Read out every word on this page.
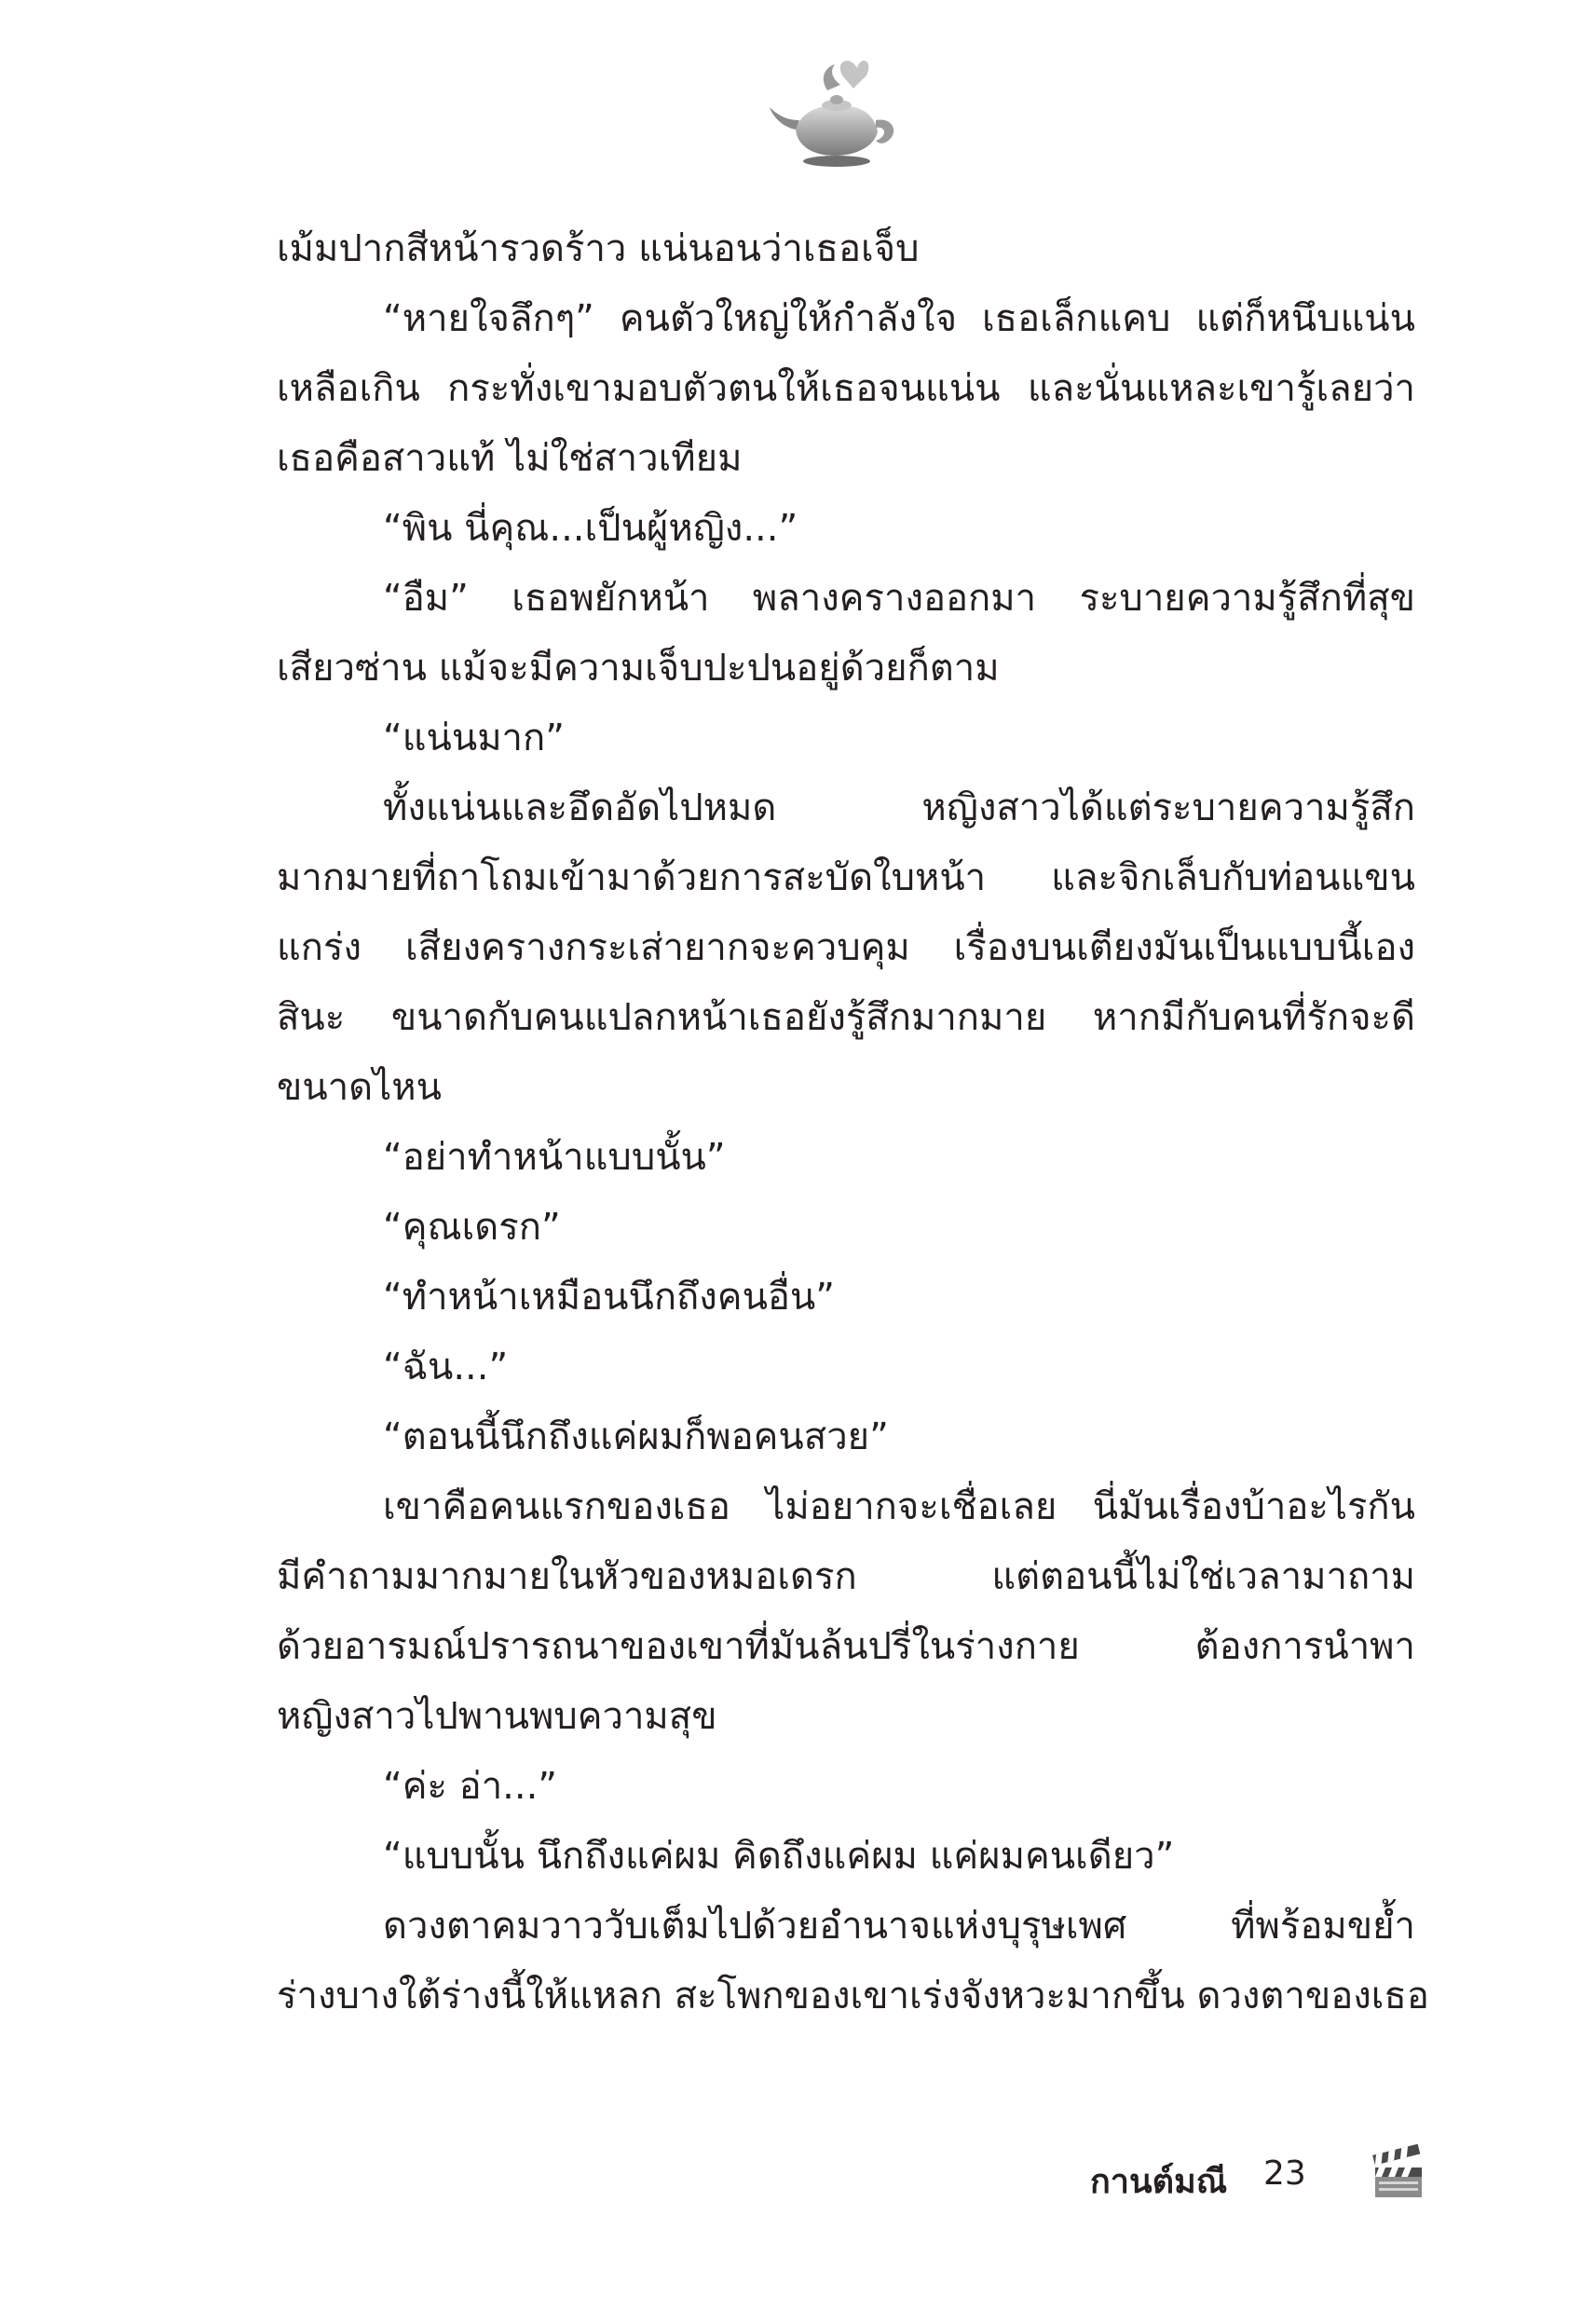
เม้มปากสีหน้ารวดร้าว แน่นอนว่าเธอเจ็บ
“หายใจลึกๆ” คนตัวใหญ่ให้กำลังใจ เธอเล็กแคบ แต่ก็หนึบแน่น
เหลือเกิน กระทั่งเขามอบตัวตนให้เธอจนแน่น และนั่นแหละเขารู้เลยว่า
เธอคือสาวแท้ ไม่ใช่สาวเทียม
“พิน นี่คุณ...เป็นผู้หญิง...”
“อืม” เธอพยักหน้า พลางครางออกมา ระบายความรู้สึกที่สุข
เสียวซ่าน แม้จะมีความเจ็บปะปนอยู่ด้วยก็ตาม
“แน่นมาก”
ทั้งแน่นและอึดอัดไปหมด หญิงสาวได้แต่ระบายความรู้สึก
มากมายที่ถาโถมเข้ามาด้วยการสะบัดใบหน้า และจิกเล็บกับท่อนแขน
แกร่ง เสียงครางกระเส่ายากจะควบคุม เรื่องบนเตียงมันเป็นแบบนี้เอง
สินะ ขนาดกับคนแปลกหน้าเธอยังรู้สึกมากมาย หากมีกับคนที่รักจะดี
ขนาดไหน
“อย่าทำหน้าแบบนั้น”
“คุณเดรก”
“ทำหน้าเหมือนนึกถึงคนอื่น”
“ฉัน...”
“ตอนนี้นึกถึงแค่ผมก็พอคนสวย”
เขาคือคนแรกของเธอ ไม่อยากจะเชื่อเลย นี่มันเรื่องบ้าอะไรกัน
มีคำถามมากมายในหัวของหมอเดรก แต่ตอนนี้ไม่ใช่เวลามาถาม
ด้วยอารมณ์ปรารถนาของเขาที่มันล้นปรี่ในร่างกาย ต้องการนำพา
หญิงสาวไปพานพบความสุข
“ค่ะ อ่า...”
“แบบนั้น นึกถึงแค่ผม คิดถึงแค่ผม แค่ผมคนเดียว”
ดวงตาคมวาววับเต็มไปด้วยอำนาจแห่งบุรุษเพศ ที่พร้อมขย้ำ
ร่างบางใต้ร่างนี้ให้แหลก สะโพกของเขาเร่งจังหวะมากขึ้น ดวงตาของเธอ
กานต์มณี 23
